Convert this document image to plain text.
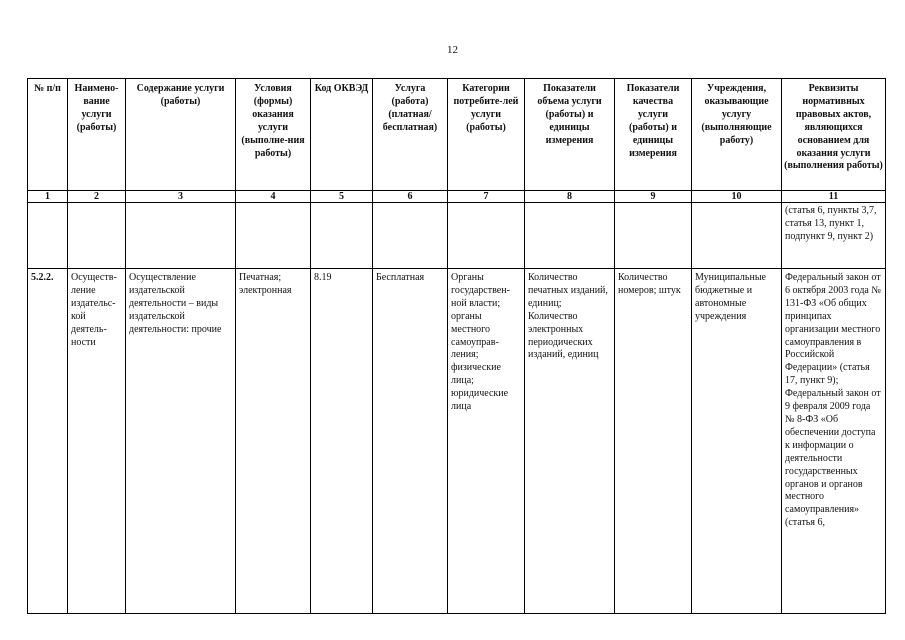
12
№ п/п	Наимено-вание услуги (работы)	Содержание услуги (работы)	Условия (формы) оказания услуги (выполне-ния работы)	Код ОКВЭД	Услуга (работа) (платная/ бесплатная)	Категории потребите-лей услуги (работы)	Показатели объема услуги (работы) и единицы измерения	Показатели качества услуги (работы) и единицы измерения	Учреждения, оказывающие услугу (выполняющие работу)	Реквизиты нормативных правовых актов, являющихся основанием для оказания услуги (выполнения работы)
1	2	3	4	5	6	7	8	9	10	11
										(статья 6, пункты 3,7, статья 13, пункт 1, подпункт 9, пункт 2)
5.2.2.	Осуществ-ление издательс-кой деятель-ности	Осуществление издательской деятельности – виды издательской деятельности: прочие	Печатная; электронная	8.19	Бесплатная	Органы государствен-ной власти; органы местного самоуправ-ления; физические лица; юридические лица	Количество печатных изданий, единиц; Количество электронных периодических изданий, единиц	Количество номеров; штук	Муниципальные бюджетные и автономные учреждения	Федеральный закон от 6 октября 2003 года № 131-ФЗ «Об общих принципах организации местного самоуправления в Российской Федерации» (статья 17, пункт 9); Федеральный закон от 9 февраля 2009 года № 8-ФЗ «Об обеспечении доступа к информации о деятельности государственных органов и органов местного самоуправления» (статья 6,
